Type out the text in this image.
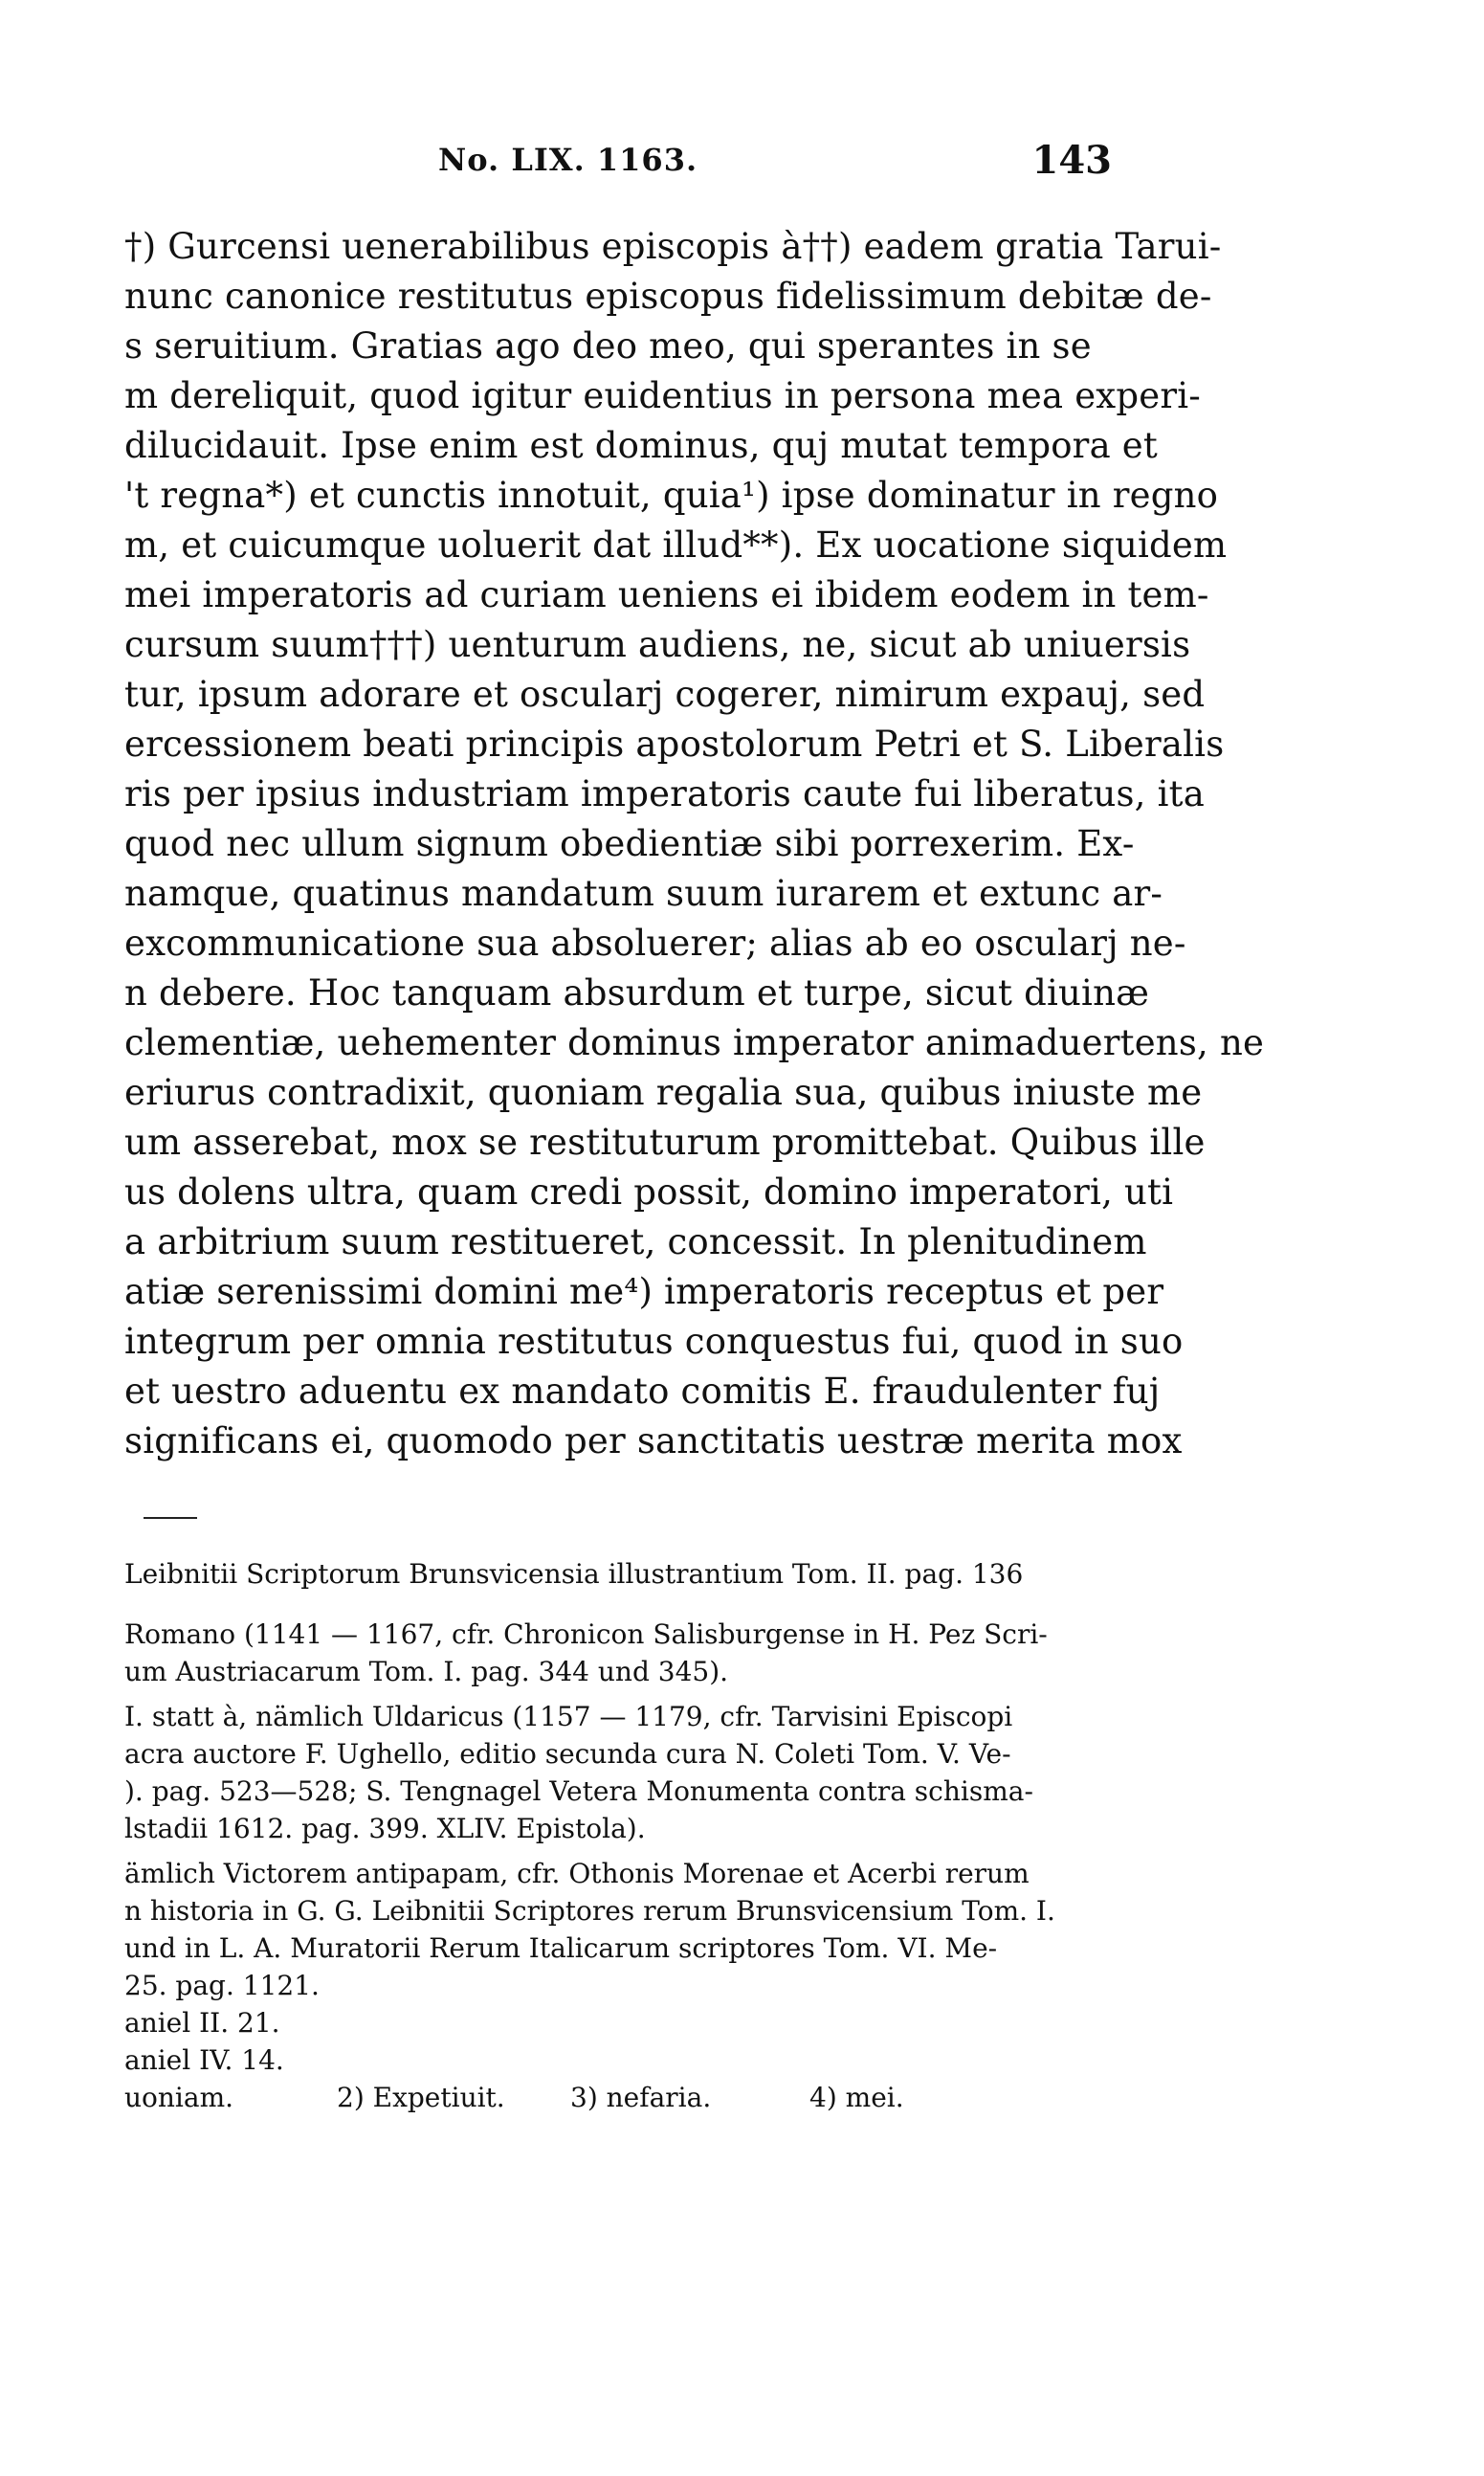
No. LIX. 1163.	143
†) Gurcensi uenerabilibus episcopis à††) eadem gratia Tarui-
nunc canonice restitutus episcopus fidelissimum debitæ de-
s seruitium. Gratias ago deo meo, qui sperantes in se
m dereliquit, quod igitur euidentius in persona mea experi-
dilucidauit. Ipse enim est dominus, quj mutat tempora et
't regna*) et cunctis innotuit, quia¹) ipse dominatur in regno
m, et cuicumque uoluerit dat illud**). Ex uocatione siquidem
mei imperatoris ad curiam ueniens ei ibidem eodem in tem-
cursum suum†††) uenturum audiens, ne, sicut ab uniuersis
tur, ipsum adorare et oscularj cogerer, nimirum expauj, sed
ercessionem beati principis apostolorum Petri et S. Liberalis
ris per ipsius industriam imperatoris caute fui liberatus, ita
quod nec ullum signum obedientiæ sibi porrexerim. Ex-
namque, quatinus mandatum suum iurarem et extunc ar-
excommunicatione sua absoluerer; alias ab eo oscularj ne-
n debere. Hoc tanquam absurdum et turpe, sicut diuinæ
clementiæ, uehementer dominus imperator animaduertens, ne
eriurus contradixit, quoniam regalia sua, quibus iniuste me
um asserebat, mox se restituturum promittebat. Quibus ille
us dolens ultra, quam credi possit, domino imperatori, uti
a arbitrium suum restitueret, concessit. In plenitudinem
atiæ serenissimi domini me⁴) imperatoris receptus et per
integrum per omnia restitutus conquestus fui, quod in suo
et uestro aduentu ex mandato comitis E. fraudulenter fuj
significans ei, quomodo per sanctitatis uestræ merita mox
Leibnitii Scriptorum Brunsvicensia illustrantium Tom. II. pag. 136
Romano (1141 — 1167, cfr. Chronicon Salisburgense in H. Pez Scri-
um Austriacarum Tom. I. pag. 344 und 345).
I. statt à, nämlich Uldaricus (1157 — 1179, cfr. Tarvisini Episcopi
acra auctore F. Ughello, editio secunda cura N. Coleti Tom. V. Ve-
). pag. 523—528; S. Tengnagel Vetera Monumenta contra schisma-
lstadii 1612. pag. 399. XLIV. Epistola).
ämlich Victorem antipapam, cfr. Othonis Morenae et Acerbi rerum
n historia in G. G. Leibnitii Scriptores rerum Brunsvicensium Tom. I.
und in L. A. Muratorii Rerum Italicarum scriptores Tom. VI. Me-
25. pag. 1121.
aniel II. 21.
aniel IV. 14.
uoniam.	2) Expetiuit.	3) nefaria.	4) mei.
